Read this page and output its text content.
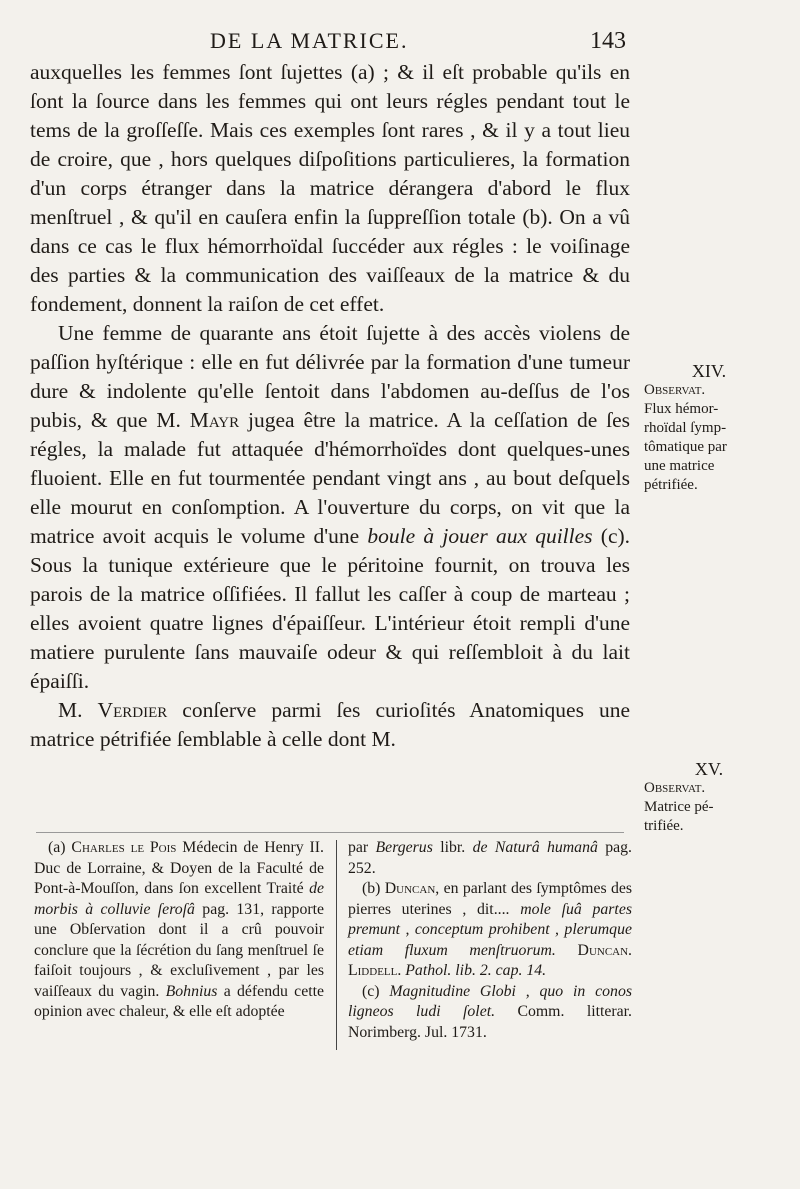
DE LA MATRICE.	143

auxquelles les femmes ſont ſujettes (a) ; & il eſt probable qu'ils en ſont la ſource dans les femmes qui ont leurs régles pendant tout le tems de la groſſeſſe. Mais ces exemples ſont rares , & il y a tout lieu de croire, que , hors quelques diſpoſitions particulieres, la formation d'un corps étranger dans la matrice dérangera d'abord le flux menſtruel , & qu'il en cauſera enfin la ſuppreſſion totale (b). On a vû dans ce cas le flux hémorrhoïdal ſuccéder aux régles : le voiſinage des parties & la communication des vaiſſeaux de la matrice & du fondement, donnent la raiſon de cet effet.

Une femme de quarante ans étoit ſujette à des accès violens de paſſion hyſtérique : elle en fut délivrée par la formation d'une tumeur dure & indolente qu'elle ſentoit dans l'abdomen au-deſſus de l'os pubis, & que M. Mayr jugea être la matrice. A la ceſſation de ſes régles, la malade fut attaquée d'hémorrhoïdes dont quelques-unes fluoient. Elle en fut tourmentée pendant vingt ans , au bout deſquels elle mourut en conſomption. A l'ouverture du corps, on vit que la matrice avoit acquis le volume d'une boule à jouer aux quilles (c). Sous la tunique extérieure que le péritoine fournit, on trouva les parois de la matrice oſſifiées. Il fallut les caſſer à coup de marteau ; elles avoient quatre lignes d'épaiſſeur. L'intérieur étoit rempli d'une matiere purulente ſans mauvaiſe odeur & qui reſſembloit à du lait épaiſſi.

M. Verdier conſerve parmi ſes curioſités Anatomiques une matrice pétrifiée ſemblable à celle dont M.

XIV.
Observat.
Flux hémor-
rhoïdal ſymp-
tômatique par
une matrice
pétrifiée.
XV.
Observat.
Matrice pé-
trifiée.

(a) Charles le Pois Médecin de Henry II. Duc de Lorraine, & Doyen de la Faculté de Pont-à-Mouſſon, dans ſon excellent Traité de morbis à colluvie ſeroſâ pag. 131, rapporte une Obſervation dont il a crû pouvoir conclure que la ſécrétion du ſang menſtruel ſe faiſoit toujours , & excluſivement , par les vaiſſeaux du vagin. Bohnius a défendu cette opinion avec chaleur, & elle eſt adoptée

par Bergerus libr. de Naturâ humanâ pag. 252.

(b) Duncan, en parlant des ſymptômes des pierres uterines , dit.... mole ſuâ partes premunt , conceptum prohibent , plerumque etiam fluxum menſtruorum. Duncan. Liddell. Pathol. lib. 2. cap. 14.

(c) Magnitudine Globi , quo in conos ligneos ludi ſolet. Comm. litterar. Norimberg. Jul. 1731.
